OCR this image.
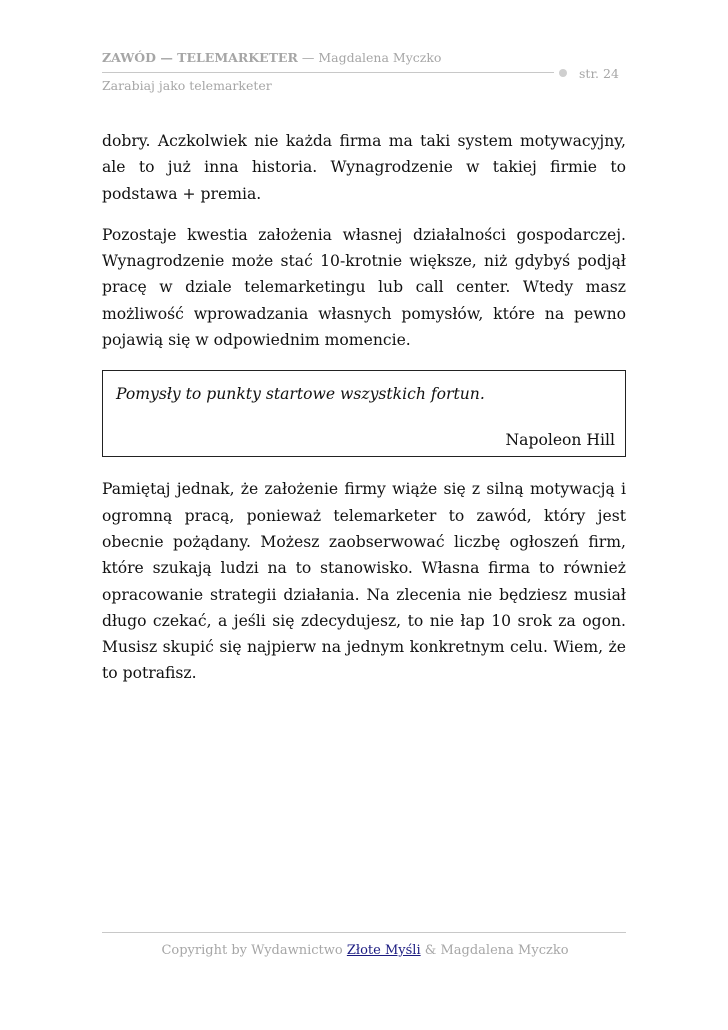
ZAWÓD — TELEMARKETER — Magdalena Myczko
str. 24
Zarabiaj jako telemarketer

dobry. Aczkolwiek nie każda firma ma taki system motywacyjny, ale to już inna historia. Wynagrodzenie w takiej firmie to podstawa + premia.

Pozostaje kwestia założenia własnej działalności gospodarczej. Wynagrodzenie może stać 10-krotnie większe, niż gdybyś podjął pracę w dziale telemarketingu lub call center. Wtedy masz możliwość wprowadzania własnych pomysłów, które na pewno pojawią się w odpowiednim momencie.

Pomysły to punkty startowe wszystkich fortun.
Napoleon Hill

Pamiętaj jednak, że założenie firmy wiąże się z silną motywacją i ogromną pracą, ponieważ telemarketer to zawód, który jest obecnie pożądany. Możesz zaobserwować liczbę ogłoszeń firm, które szukają ludzi na to stanowisko. Własna firma to również opracowanie strategii działania. Na zlecenia nie będziesz musiał długo czekać, a jeśli się zdecydujesz, to nie łap 10 srok za ogon. Musisz skupić się najpierw na jednym konkretnym celu. Wiem, że to potrafisz.

Copyright by Wydawnictwo Złote Myśli & Magdalena Myczko
